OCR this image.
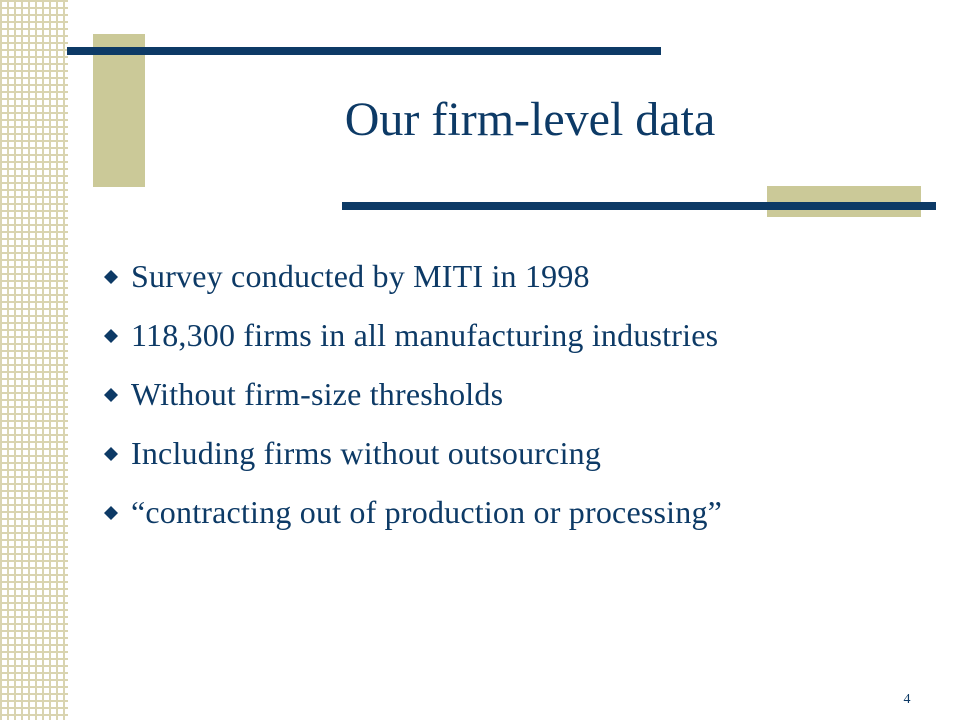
Our firm-level data
Survey conducted by MITI in 1998
118,300 firms in all manufacturing industries
Without firm-size thresholds
Including firms without outsourcing
“contracting out of production or processing”
4
